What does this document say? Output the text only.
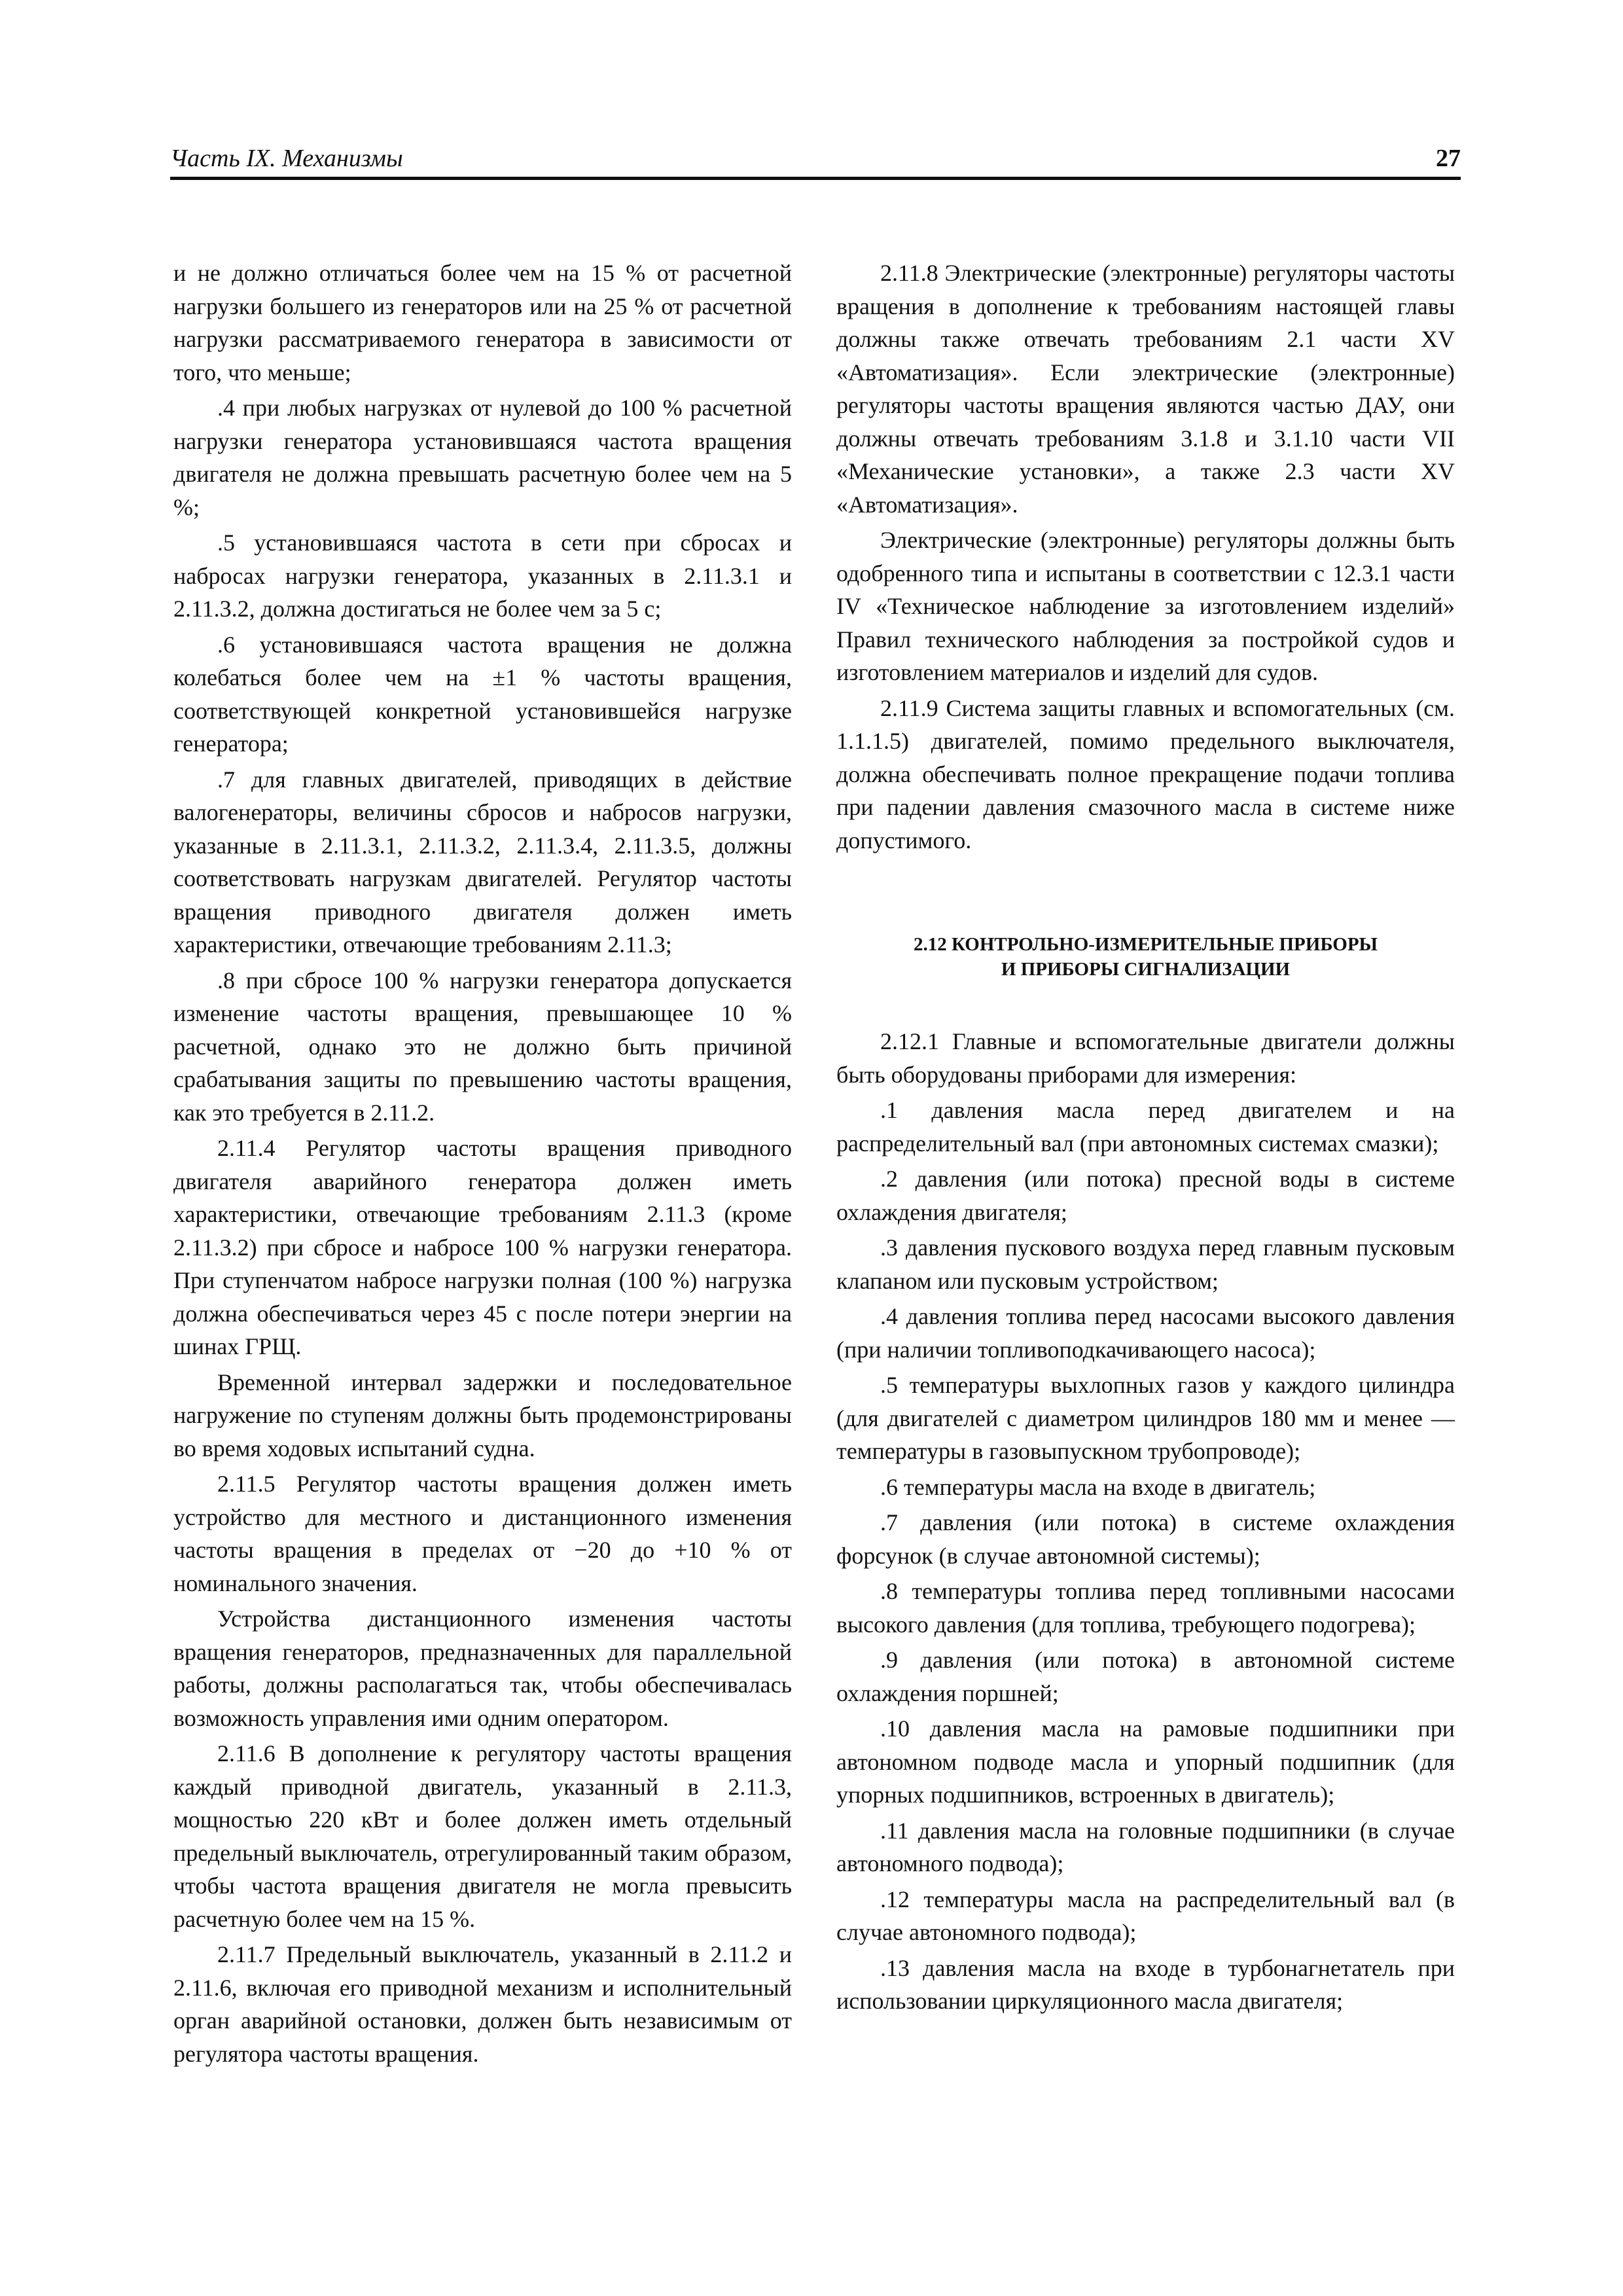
Часть IX. Механизмы	27

и не должно отличаться более чем на 15 % от расчетной нагрузки большего из генераторов или на 25 % от расчетной нагрузки рассматриваемого генератора в зависимости от того, что меньше;

.4 при любых нагрузках от нулевой до 100 % расчетной нагрузки генератора установившаяся частота вращения двигателя не должна превышать расчетную более чем на 5 %;

.5 установившаяся частота в сети при сбросах и набросах нагрузки генератора, указанных в 2.11.3.1 и 2.11.3.2, должна достигаться не более чем за 5 с;

.6 установившаяся частота вращения не должна колебаться более чем на ±1 % частоты вращения, соответствующей конкретной установившейся нагрузке генератора;

.7 для главных двигателей, приводящих в действие валогенераторы, величины сбросов и набросов нагрузки, указанные в 2.11.3.1, 2.11.3.2, 2.11.3.4, 2.11.3.5, должны соответствовать нагрузкам двигателей. Регулятор частоты вращения приводного двигателя должен иметь характеристики, отвечающие требованиям 2.11.3;

.8 при сбросе 100 % нагрузки генератора допускается изменение частоты вращения, превышающее 10 % расчетной, однако это не должно быть причиной срабатывания защиты по превышению частоты вращения, как это требуется в 2.11.2.

2.11.4 Регулятор частоты вращения приводного двигателя аварийного генератора должен иметь характеристики, отвечающие требованиям 2.11.3 (кроме 2.11.3.2) при сбросе и набросе 100 % нагрузки генератора. При ступенчатом набросе нагрузки полная (100 %) нагрузка должна обеспечиваться через 45 с после потери энергии на шинах ГРЩ.

Временной интервал задержки и последовательное нагружение по ступеням должны быть продемонстрированы во время ходовых испытаний судна.

2.11.5 Регулятор частоты вращения должен иметь устройство для местного и дистанционного изменения частоты вращения в пределах от −20 до +10 % от номинального значения.

Устройства дистанционного изменения частоты вращения генераторов, предназначенных для параллельной работы, должны располагаться так, чтобы обеспечивалась возможность управления ими одним оператором.

2.11.6 В дополнение к регулятору частоты вращения каждый приводной двигатель, указанный в 2.11.3, мощностью 220 кВт и более должен иметь отдельный предельный выключатель, отрегулированный таким образом, чтобы частота вращения двигателя не могла превысить расчетную более чем на 15 %.

2.11.7 Предельный выключатель, указанный в 2.11.2 и 2.11.6, включая его приводной механизм и исполнительный орган аварийной остановки, должен быть независимым от регулятора частоты вращения.

2.11.8 Электрические (электронные) регуляторы частоты вращения в дополнение к требованиям настоящей главы должны также отвечать требованиям 2.1 части XV «Автоматизация». Если электрические (электронные) регуляторы частоты вращения являются частью ДАУ, они должны отвечать требованиям 3.1.8 и 3.1.10 части VII «Механические установки», а также 2.3 части XV «Автоматизация».

Электрические (электронные) регуляторы должны быть одобренного типа и испытаны в соответствии с 12.3.1 части IV «Техническое наблюдение за изготовлением изделий» Правил технического наблюдения за постройкой судов и изготовлением материалов и изделий для судов.

2.11.9 Система защиты главных и вспомогательных (см. 1.1.1.5) двигателей, помимо предельного выключателя, должна обеспечивать полное прекращение подачи топлива при падении давления смазочного масла в системе ниже допустимого.

2.12 КОНТРОЛЬНО-ИЗМЕРИТЕЛЬНЫЕ ПРИБОРЫ
И ПРИБОРЫ СИГНАЛИЗАЦИИ

2.12.1 Главные и вспомогательные двигатели должны быть оборудованы приборами для измерения:

.1 давления масла перед двигателем и на распределительный вал (при автономных системах смазки);

.2 давления (или потока) пресной воды в системе охлаждения двигателя;

.3 давления пускового воздуха перед главным пусковым клапаном или пусковым устройством;

.4 давления топлива перед насосами высокого давления (при наличии топливоподкачивающего насоса);

.5 температуры выхлопных газов у каждого цилиндра (для двигателей с диаметром цилиндров 180 мм и менее — температуры в газовыпускном трубопроводе);

.6 температуры масла на входе в двигатель;

.7 давления (или потока) в системе охлаждения форсунок (в случае автономной системы);

.8 температуры топлива перед топливными насосами высокого давления (для топлива, требующего подогрева);

.9 давления (или потока) в автономной системе охлаждения поршней;

.10 давления масла на рамовые подшипники при автономном подводе масла и упорный подшипник (для упорных подшипников, встроенных в двигатель);

.11 давления масла на головные подшипники (в случае автономного подвода);

.12 температуры масла на распределительный вал (в случае автономного подвода);

.13 давления масла на входе в турбонагнетатель при использовании циркуляционного масла двигателя;
